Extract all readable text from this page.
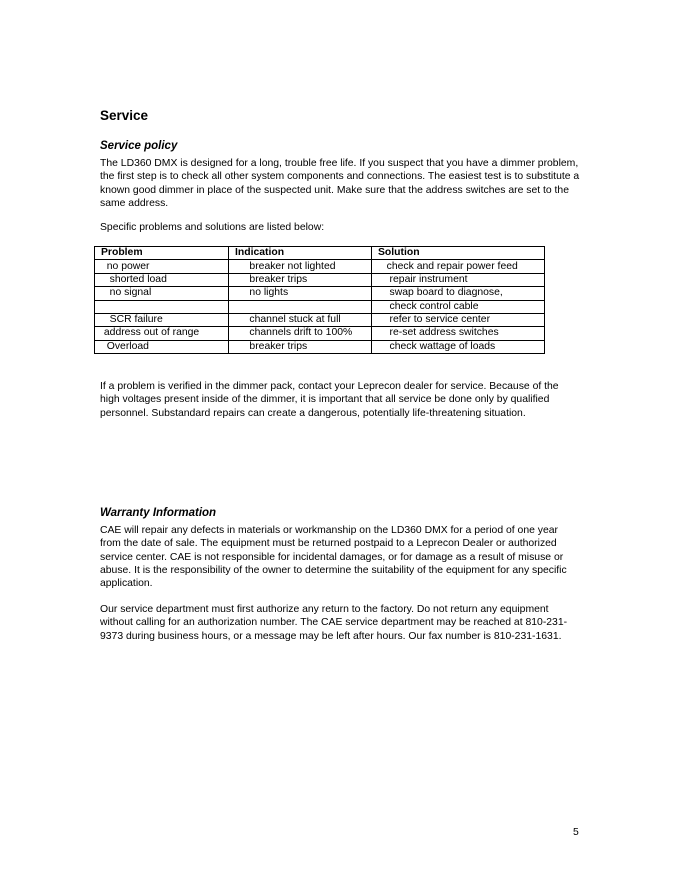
Service
Service policy

The LD360 DMX is designed for a long, trouble free life. If you suspect that you have a dimmer problem, the first step is to check all other system components and connections. The easiest test is to substitute a known good dimmer in place of the suspected unit. Make sure that the address switches are set to the same address.

Specific problems and solutions are listed below:

Problem	Indication	Solution
no power	breaker not lighted	check and repair power feed
shorted load	breaker trips	repair instrument
no signal	no lights	swap board to diagnose,
		check control cable
SCR failure	channel stuck at full	refer to service center
address out of range	channels drift to 100%	re-set address switches
Overload	breaker trips	check wattage of loads

If a problem is verified in the dimmer pack, contact your Leprecon dealer for service. Because of the high voltages present inside of the dimmer, it is important that all service be done only by qualified personnel. Substandard repairs can create a dangerous, potentially life-threatening situation.

Warranty Information

CAE will repair any defects in materials or workmanship on the LD360 DMX for a period of one year from the date of sale. The equipment must be returned postpaid to a Leprecon Dealer or authorized service center. CAE is not responsible for incidental damages, or for damage as a result of misuse or abuse. It is the responsibility of the owner to determine the suitability of the equipment for any specific application.

Our service department must first authorize any return to the factory. Do not return any equipment without calling for an authorization number. The CAE service department may be reached at 810-231-9373 during business hours, or a message may be left after hours. Our fax number is 810-231-1631.

5
